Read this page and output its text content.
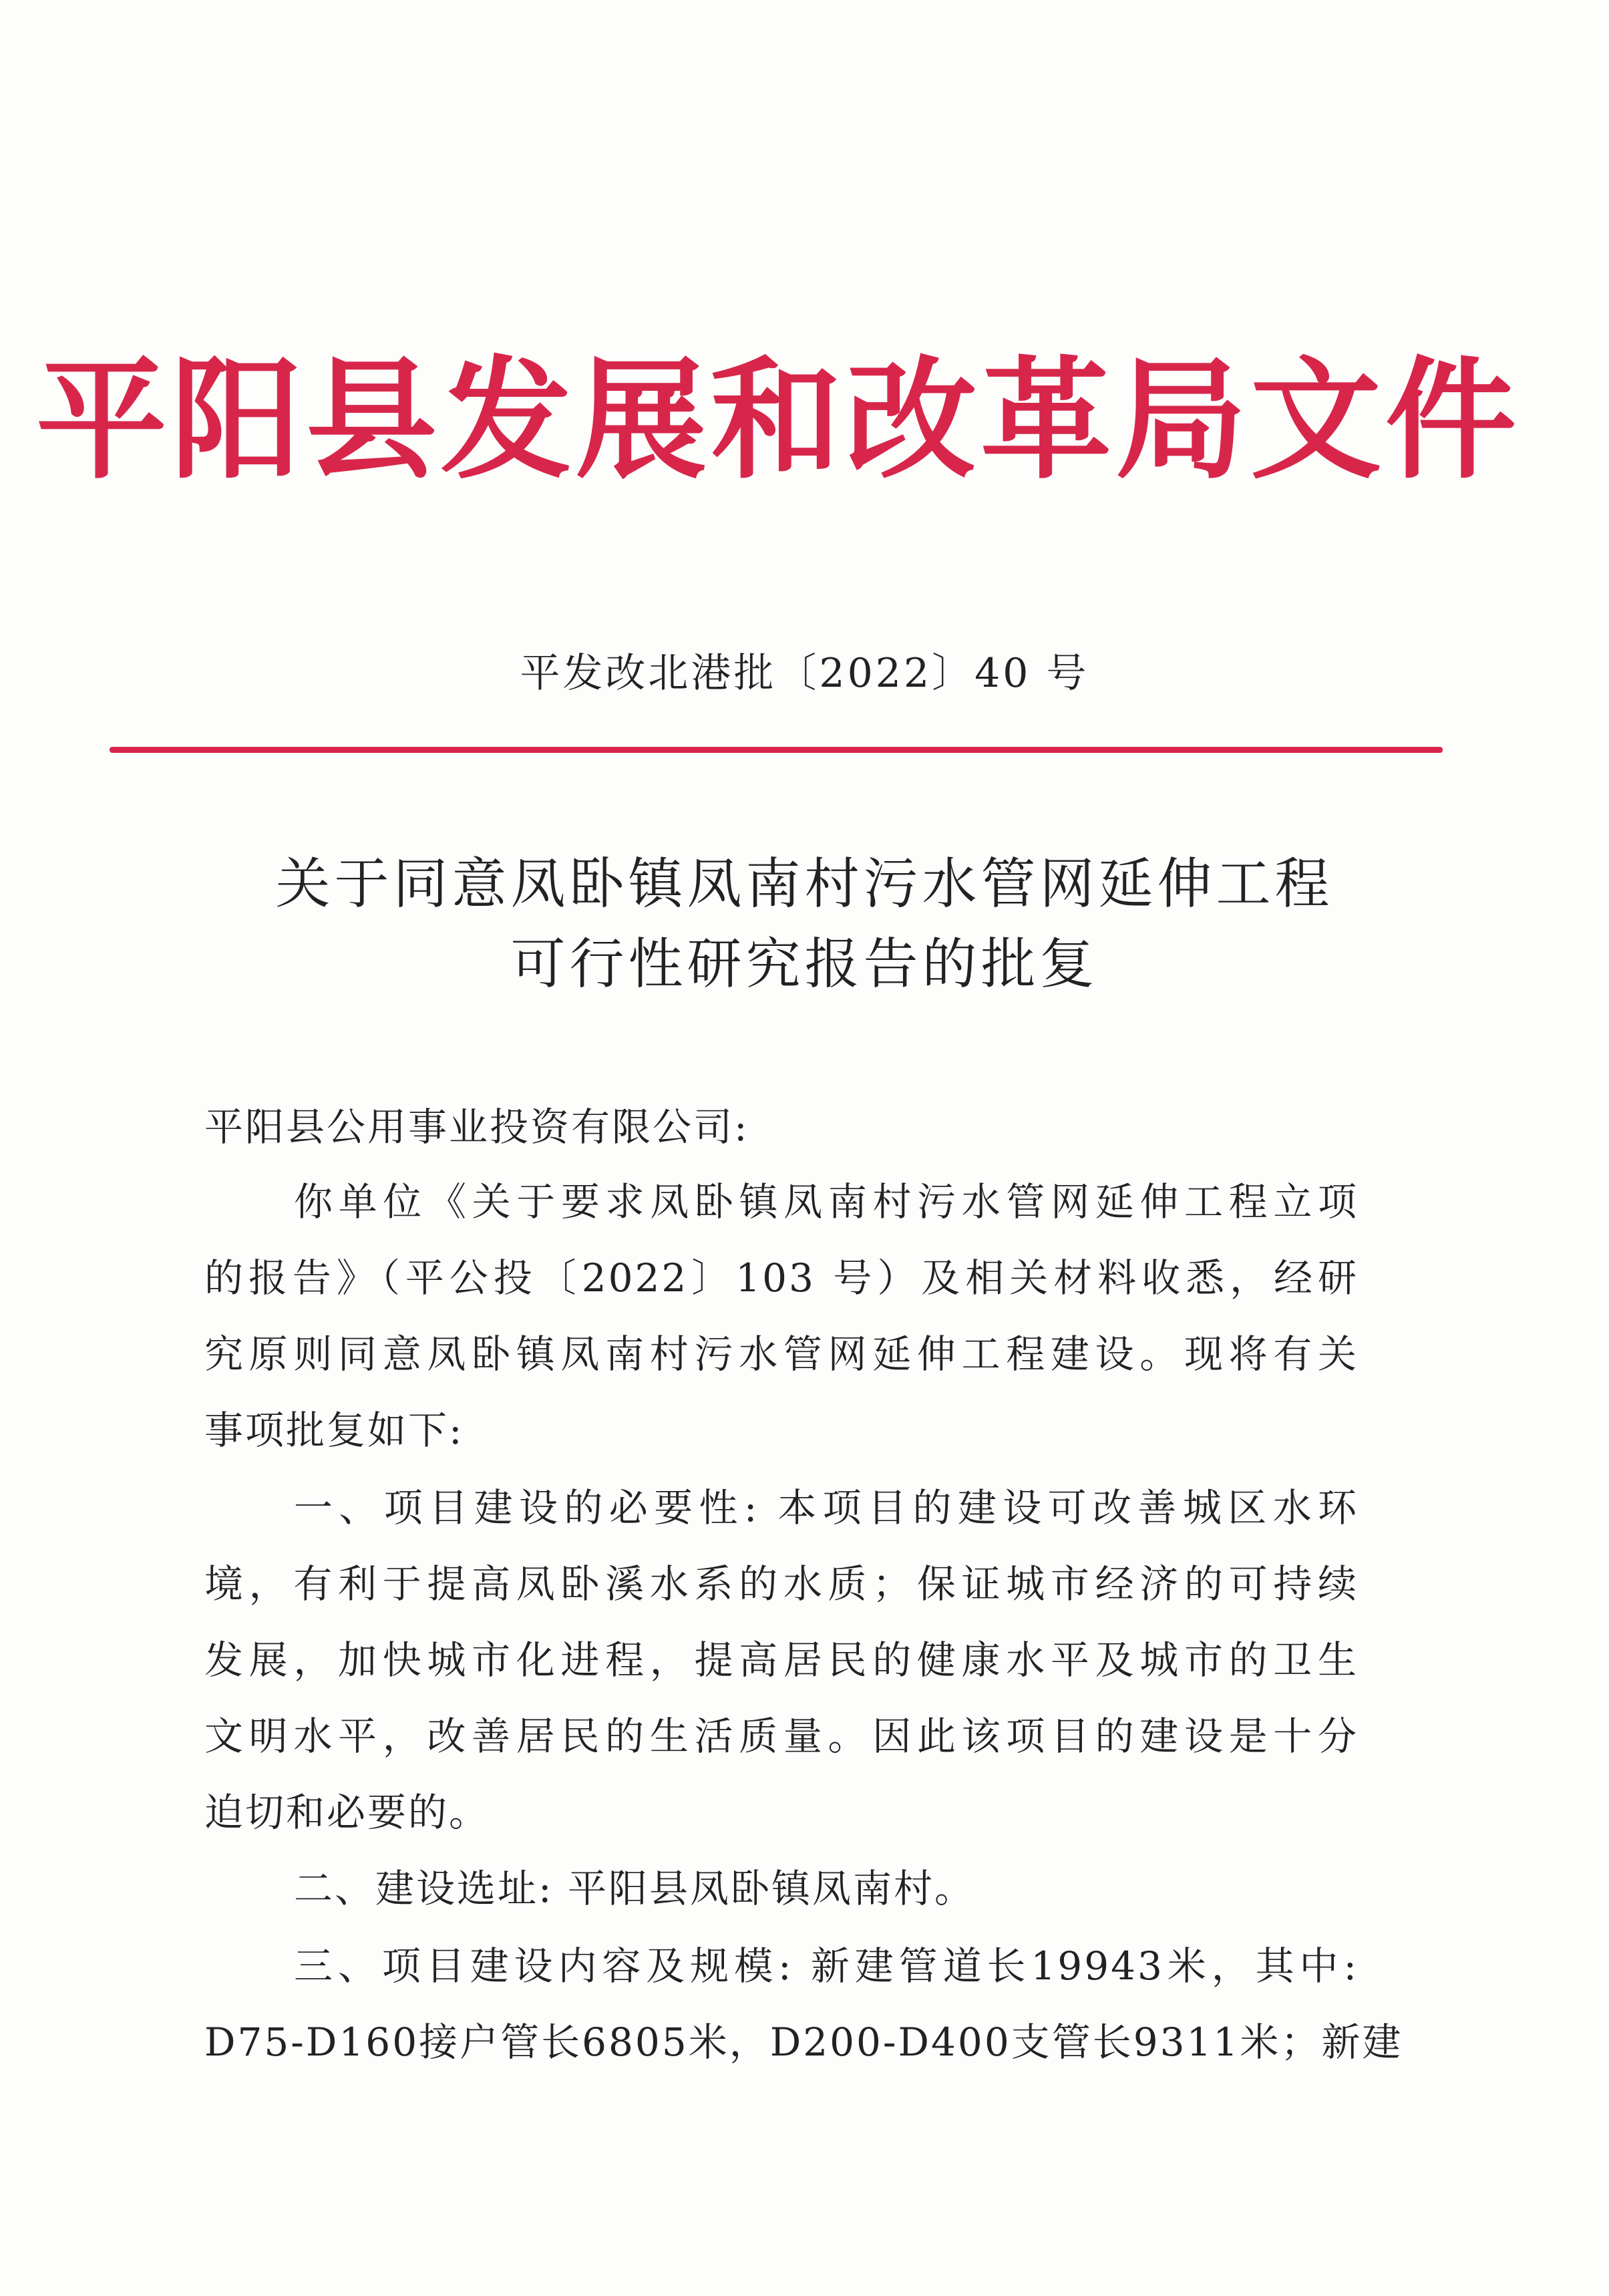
平阳县发展和改革局文件
平发改北港批〔2022〕40 号
关于同意凤卧镇凤南村污水管网延伸工程
可行性研究报告的批复
平阳县公用事业投资有限公司:
你单位《关于要求凤卧镇凤南村污水管网延伸工程立项
的报告》（平公投〔2022〕103 号）及相关材料收悉，经研
究原则同意凤卧镇凤南村污水管网延伸工程建设。现将有关
事项批复如下:
一、项目建设的必要性: 本项目的建设可改善城区水环
境，有利于提高凤卧溪水系的水质；保证城市经济的可持续
发展，加快城市化进程，提高居民的健康水平及城市的卫生
文明水平，改善居民的生活质量。因此该项目的建设是十分
迫切和必要的。
二、建设选址: 平阳县凤卧镇凤南村。
三、项目建设内容及规模: 新建管道长19943米，其中:
D75-D160接户管长6805米，D200-D400支管长9311米；新建
